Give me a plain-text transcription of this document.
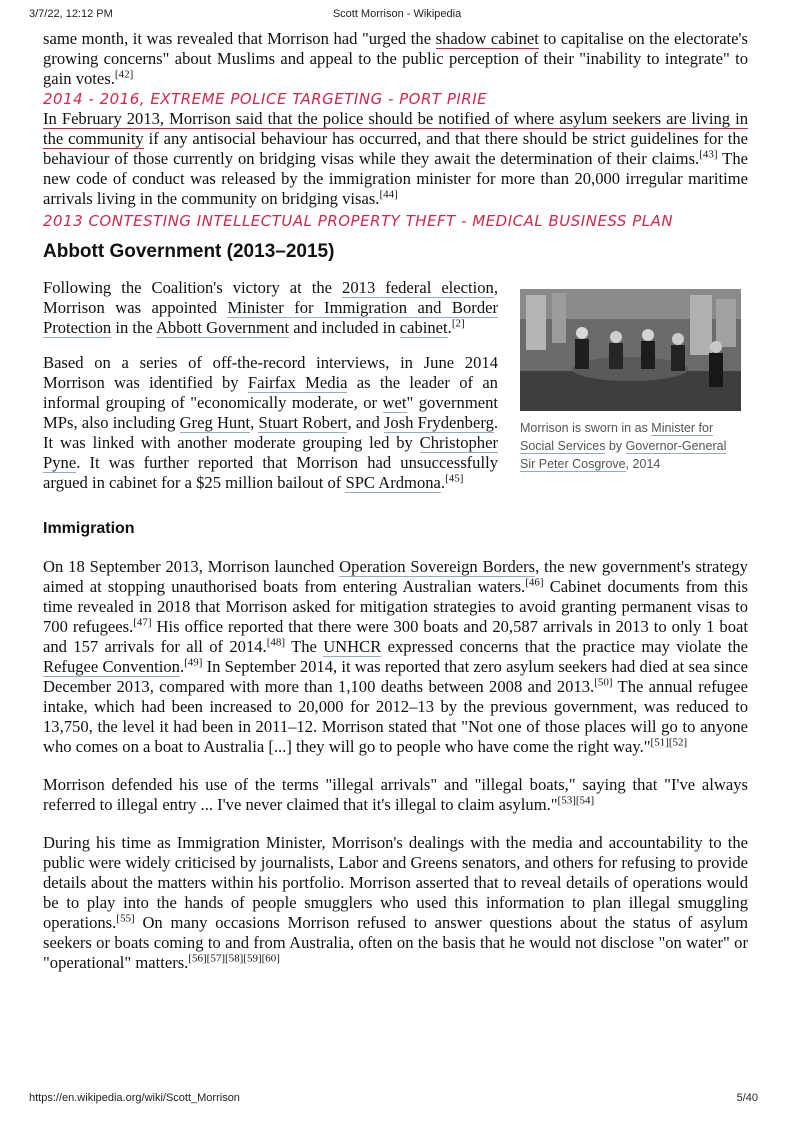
3/7/22, 12:12 PM	Scott Morrison - Wikipedia

same month, it was revealed that Morrison had "urged the shadow cabinet to capitalise on the electorate's growing concerns" about Muslims and appeal to the public perception of their "inability to integrate" to gain votes.[42]

2014 - 2016, EXTREME POLICE TARGETING - PORT PIRIE

In February 2013, Morrison said that the police should be notified of where asylum seekers are living in the community if any antisocial behaviour has occurred, and that there should be strict guidelines for the behaviour of those currently on bridging visas while they await the determination of their claims.[43] The new code of conduct was released by the immigration minister for more than 20,000 irregular maritime arrivals living in the community on bridging visas.[44]

2013 CONTESTING INTELLECTUAL PROPERTY THEFT - MEDICAL BUSINESS PLAN
Abbott Government (2013–2015)

Following the Coalition's victory at the 2013 federal election, Morrison was appointed Minister for Immigration and Border Protection in the Abbott Government and included in cabinet.[2]

Based on a series of off-the-record interviews, in June 2014 Morrison was identified by Fairfax Media as the leader of an informal grouping of "economically moderate, or wet" government MPs, also including Greg Hunt, Stuart Robert, and Josh Frydenberg. It was linked with another moderate grouping led by Christopher Pyne. It was further reported that Morrison had unsuccessfully argued in cabinet for a $25 million bailout of SPC Ardmona.[45]

Immigration

On 18 September 2013, Morrison launched Operation Sovereign Borders, the new government's strategy aimed at stopping unauthorised boats from entering Australian waters.[46] Cabinet documents from this time revealed in 2018 that Morrison asked for mitigation strategies to avoid granting permanent visas to 700 refugees.[47] His office reported that there were 300 boats and 20,587 arrivals in 2013 to only 1 boat and 157 arrivals for all of 2014.[48] The UNHCR expressed concerns that the practice may violate the Refugee Convention.[49] In September 2014, it was reported that zero asylum seekers had died at sea since December 2013, compared with more than 1,100 deaths between 2008 and 2013.[50] The annual refugee intake, which had been increased to 20,000 for 2012–13 by the previous government, was reduced to 13,750, the level it had been in 2011–12. Morrison stated that "Not one of those places will go to anyone who comes on a boat to Australia [...] they will go to people who have come the right way."[51][52]

Morrison defended his use of the terms "illegal arrivals" and "illegal boats," saying that "I've always referred to illegal entry ... I've never claimed that it's illegal to claim asylum."[53][54]

During his time as Immigration Minister, Morrison's dealings with the media and accountability to the public were widely criticised by journalists, Labor and Greens senators, and others for refusing to provide details about the matters within his portfolio. Morrison asserted that to reveal details of operations would be to play into the hands of people smugglers who used this information to plan illegal smuggling operations.[55] On many occasions Morrison refused to answer questions about the status of asylum seekers or boats coming to and from Australia, often on the basis that he would not disclose "on water" or "operational" matters.[56][57][58][59][60]

Morrison is sworn in as Minister for Social Services by Governor-General Sir Peter Cosgrove, 2014
https://en.wikipedia.org/wiki/Scott_Morrison	5/40
